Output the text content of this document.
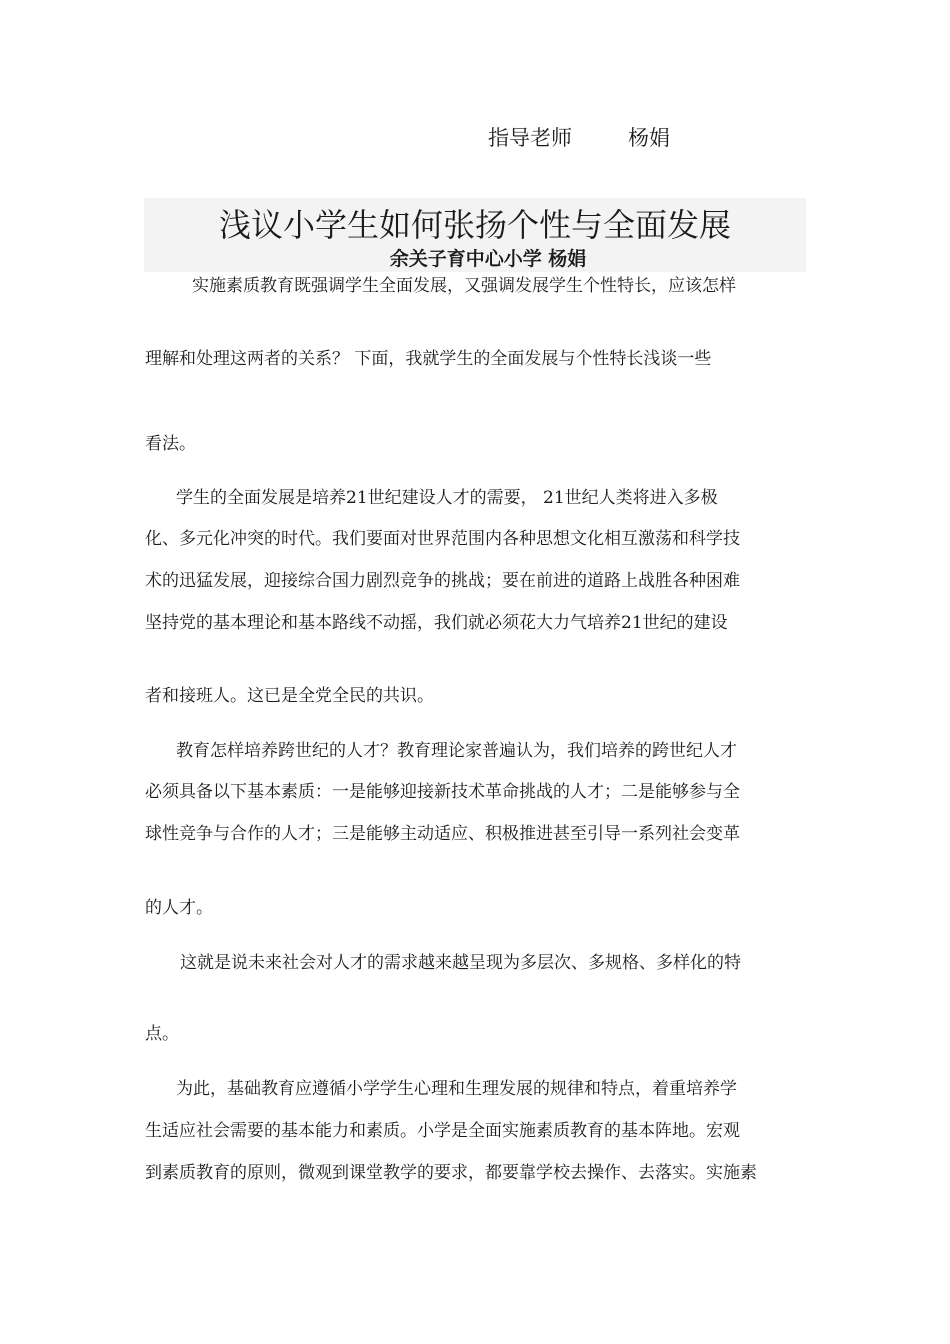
指导老师	杨娟
浅议小学生如何张扬个性与全面发展
余关子育中心小学 杨娟
实施素质教育既强调学生全面发展，又强调发展学生个性特长，应该怎样
理解和处理这两者的关系？ 下面，我就学生的全面发展与个性特长浅谈一些
看法。
学生的全面发展是培养21世纪建设人才的需要， 21世纪人类将进入多极
化、多元化冲突的时代。我们要面对世界范围内各种思想文化相互激荡和科学技
术的迅猛发展，迎接综合国力剧烈竞争的挑战；要在前进的道路上战胜各种困难
坚持党的基本理论和基本路线不动摇，我们就必须花大力气培养21世纪的建设
者和接班人。这已是全党全民的共识。
教育怎样培养跨世纪的人才？教育理论家普遍认为，我们培养的跨世纪人才
必须具备以下基本素质：一是能够迎接新技术革命挑战的人才；二是能够参与全
球性竞争与合作的人才；三是能够主动适应、积极推进甚至引导一系列社会变革
的人才。
这就是说未来社会对人才的需求越来越呈现为多层次、多规格、多样化的特
点。
为此，基础教育应遵循小学学生心理和生理发展的规律和特点，着重培养学
生适应社会需要的基本能力和素质。小学是全面实施素质教育的基本阵地。宏观
到素质教育的原则，微观到课堂教学的要求，都要靠学校去操作、去落实。实施素
